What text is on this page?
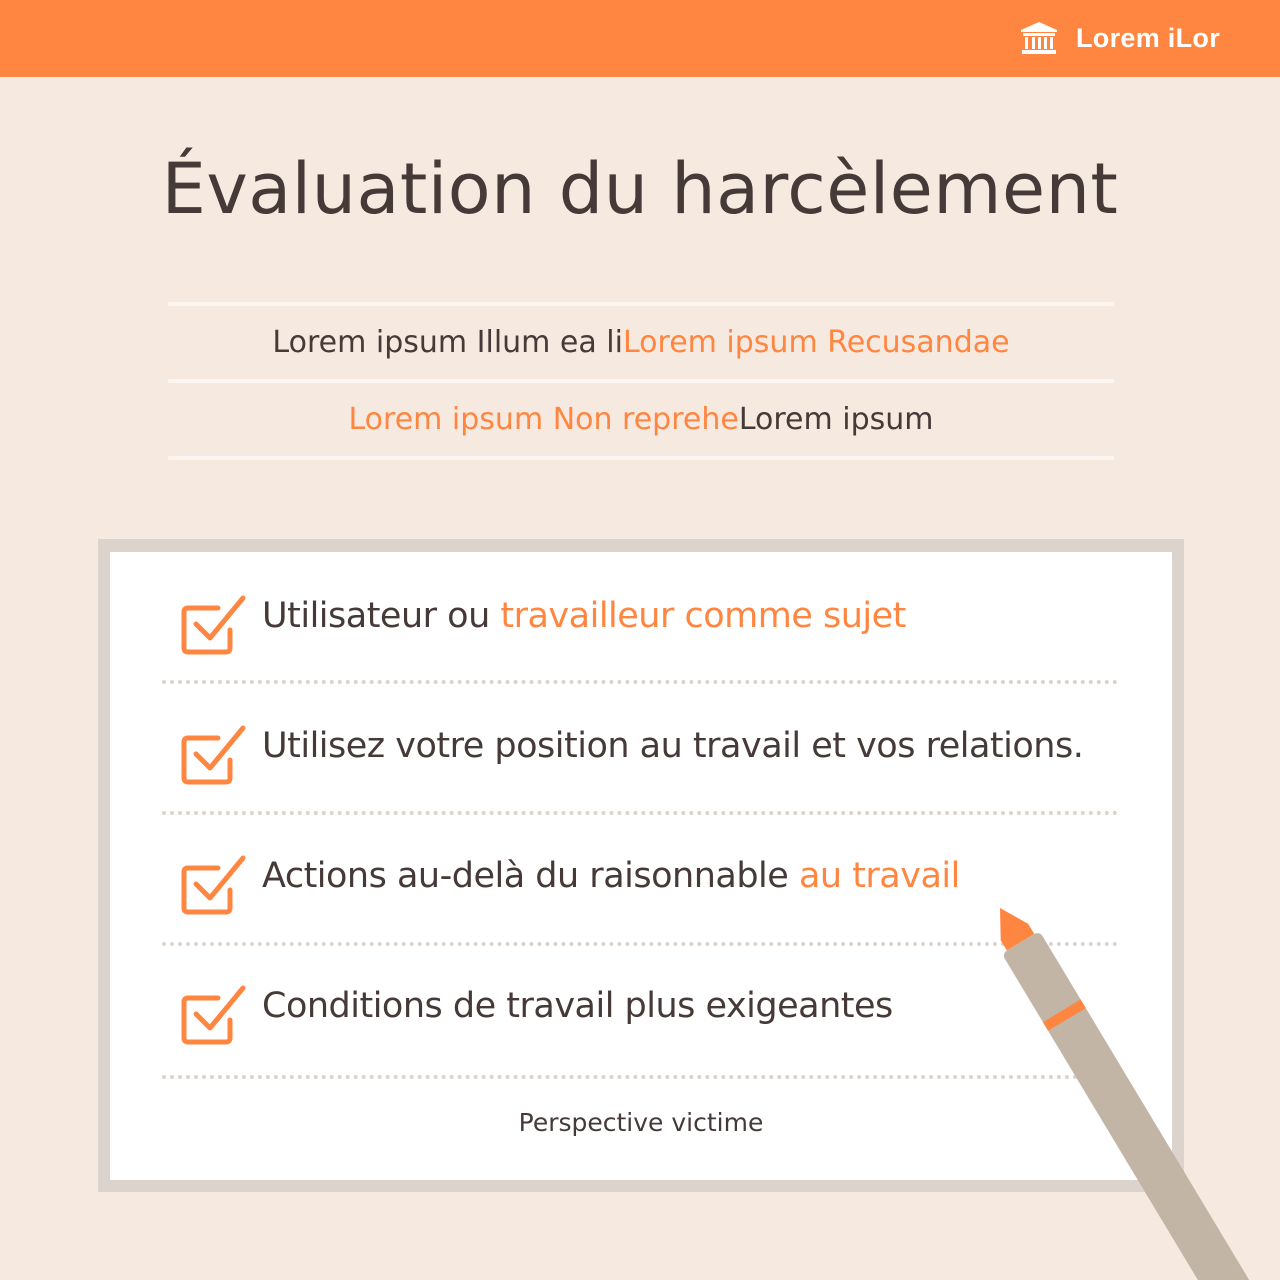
Lorem iLor
Évaluation du harcèlement
Lorem ipsum Illum ea liLorem ipsum Recusandae
Lorem ipsum Non repreheLorem ipsum
Utilisateur ou travailleur comme sujet
Utilisez votre position au travail et vos relations.
Actions au-delà du raisonnable au travail
Conditions de travail plus exigeantes
Perspective victime
